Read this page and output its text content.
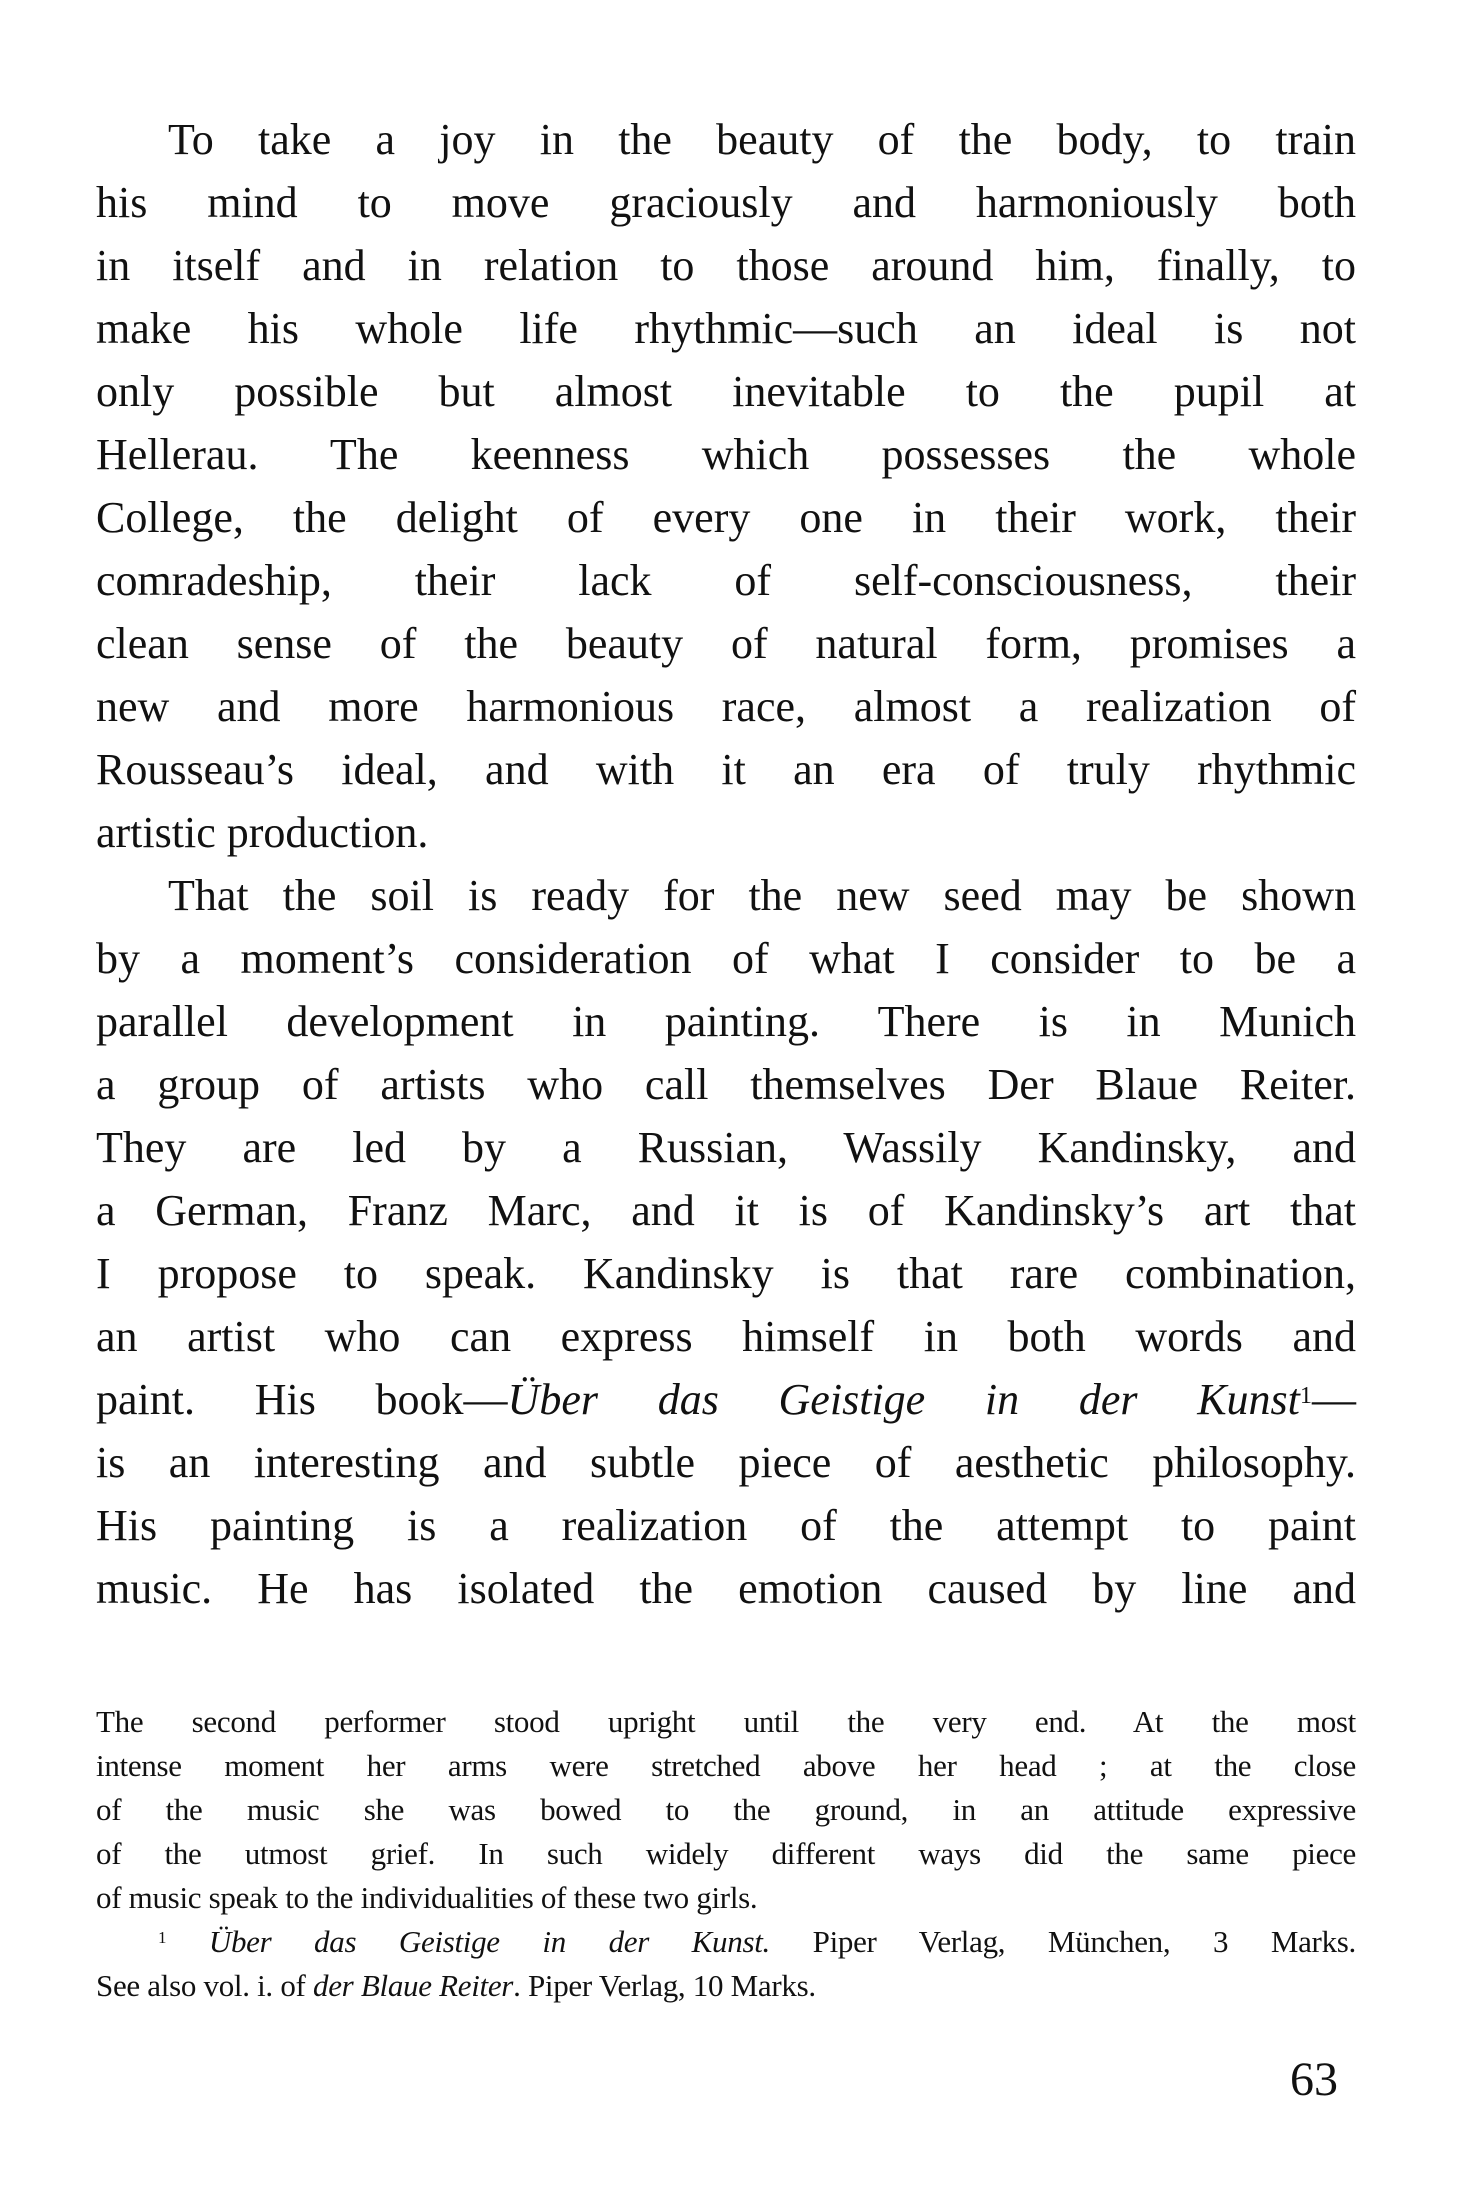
To take a joy in the beauty of the body, to train
his mind to move graciously and harmoniously both
in itself and in relation to those around him, finally, to
make his whole life rhythmic—such an ideal is not
only possible but almost inevitable to the pupil at
Hellerau. The keenness which possesses the whole
College, the delight of every one in their work, their
comradeship, their lack of self-consciousness, their
clean sense of the beauty of natural form, promises a
new and more harmonious race, almost a realization of
Rousseau’s ideal, and with it an era of truly rhythmic
artistic production.
That the soil is ready for the new seed may be shown
by a moment’s consideration of what I consider to be a
parallel development in painting. There is in Munich
a group of artists who call themselves Der Blaue Reiter.
They are led by a Russian, Wassily Kandinsky, and
a German, Franz Marc, and it is of Kandinsky’s art that
I propose to speak. Kandinsky is that rare combination,
an artist who can express himself in both words and
paint. His book—Über das Geistige in der Kunst$^1$—
is an interesting and subtle piece of aesthetic philosophy.
His painting is a realization of the attempt to paint
music. He has isolated the emotion caused by line and
The second performer stood upright until the very end. At the most
intense moment her arms were stretched above her head ; at the close
of the music she was bowed to the ground, in an attitude expressive
of the utmost grief. In such widely different ways did the same piece
of music speak to the individualities of these two girls.
$^1$ Über das Geistige in der Kunst. Piper Verlag, München, 3 Marks.
See also vol. i. of der Blaue Reiter. Piper Verlag, 10 Marks.
63
